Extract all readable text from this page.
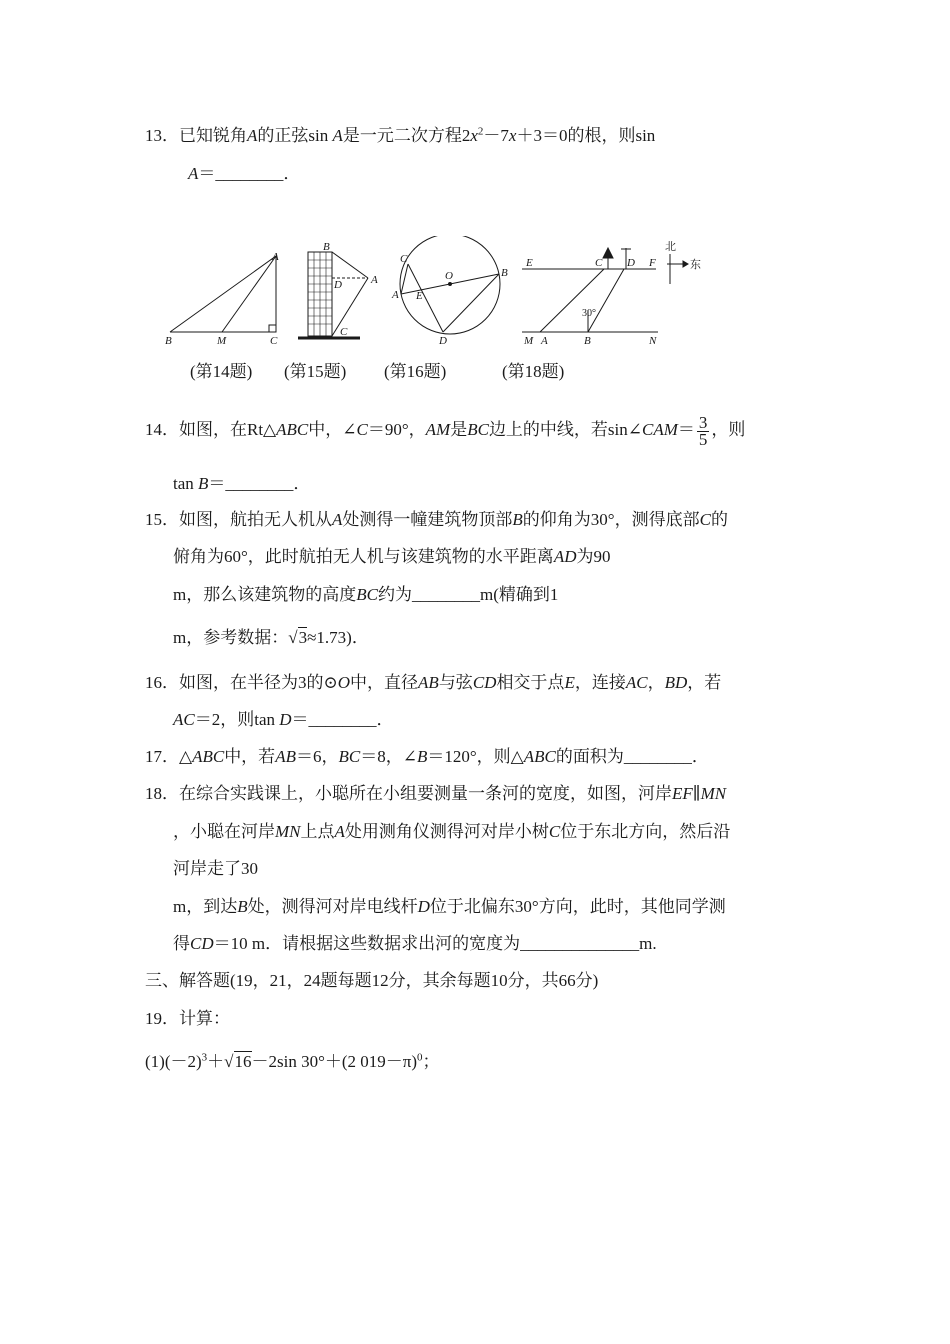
13．已知锐角A的正弦sin A是一元二次方程$2x^2-7x+3=0$的根，则sin
A＝________．
A
B	M	C
B
D	A
C
C
O	B
A E
D
E	C D F
北
东
30°
M A	B	N
(第14题) (第15题) (第16题)	(第18题)
14．如图，在Rt△ABC中，∠C＝90°，AM是BC边上的中线，若sin∠CAM＝ $\frac{3}{5}$ ，则
tan B＝________．
15．如图，航拍无人机从A处测得一幢建筑物顶部B的仰角为30°，测得底部C的
俯角为60°，此时航拍无人机与该建筑物的水平距离AD为90
m，那么该建筑物的高度BC约为________m(精确到1
m，参考数据：√3≈1.73)．
16．如图，在半径为3的⊙O中，直径AB与弦CD相交于点E，连接AC，BD，若
AC＝2，则tan D＝________．
17．△ABC中，若AB＝6，BC＝8，∠B＝120°，则△ABC的面积为________．
18．在综合实践课上，小聪所在小组要测量一条河的宽度，如图，河岸EF∥MN
，小聪在河岸MN上点A处用测角仪测得河对岸小树C位于东北方向，然后沿
河岸走了30
m，到达B处，测得河对岸电线杆D位于北偏东30°方向，此时，其他同学测
得CD＝10 m．请根据这些数据求出河的宽度为______________m.
三、解答题(19，21，24题每题12分，其余每题10分，共66分)
19．计算：
$(1)(-2)^3+√16-2\sin$ 30°＋(2 019－π)$^0$；
